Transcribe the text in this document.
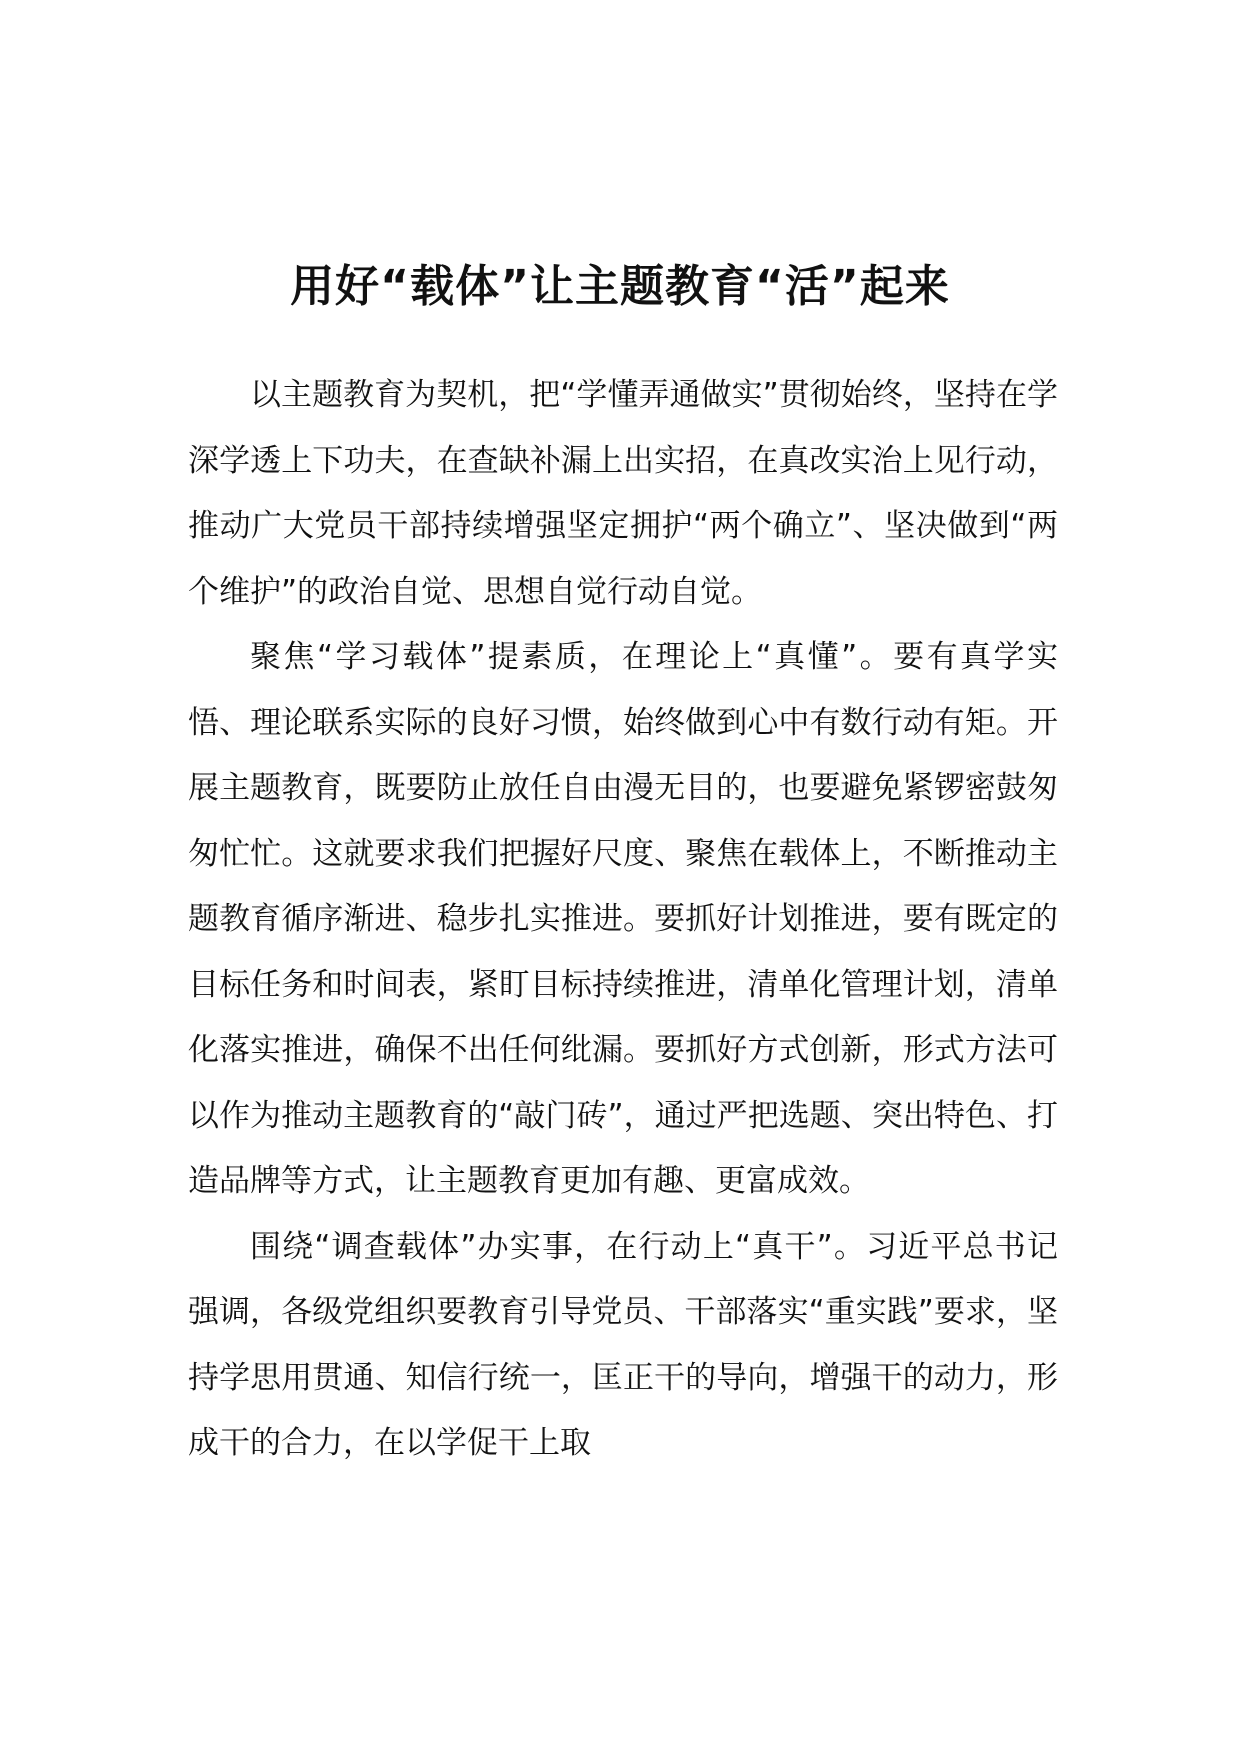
用好“载体”让主题教育“活”起来

以主题教育为契机，把“学懂弄通做实”贯彻始终，坚持在学深学透上下功夫，在查缺补漏上出实招，在真改实治上见行动，推动广大党员干部持续增强坚定拥护“两个确立”、坚决做到“两个维护”的政治自觉、思想自觉行动自觉。

聚焦“学习载体”提素质，在理论上“真懂”。要有真学实悟、理论联系实际的良好习惯，始终做到心中有数行动有矩。开展主题教育，既要防止放任自由漫无目的，也要避免紧锣密鼓匆匆忙忙。这就要求我们把握好尺度、聚焦在载体上，不断推动主题教育循序渐进、稳步扎实推进。要抓好计划推进，要有既定的目标任务和时间表，紧盯目标持续推进，清单化管理计划，清单化落实推进，确保不出任何纰漏。要抓好方式创新，形式方法可以作为推动主题教育的“敲门砖”，通过严把选题、突出特色、打造品牌等方式，让主题教育更加有趣、更富成效。

围绕“调查载体”办实事，在行动上“真干”。习近平总书记强调，各级党组织要教育引导党员、干部落实“重实践”要求，坚持学思用贯通、知信行统一，匡正干的导向，增强干的动力，形成干的合力，在以学促干上取
